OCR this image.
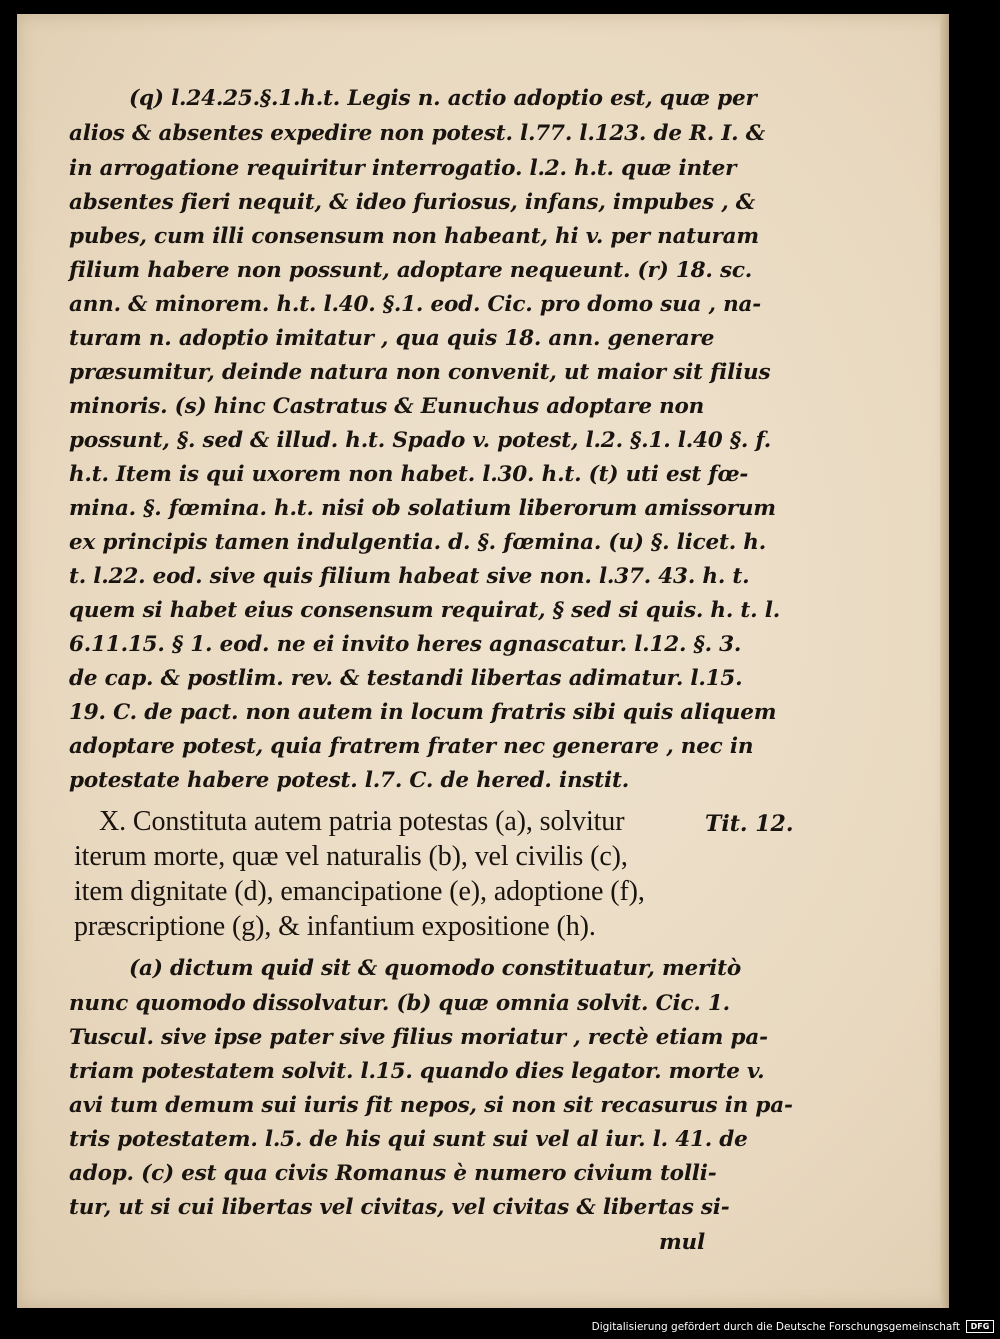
(q) l.24.25.§.1.h.t. Legis n. actio adoptio est, quæ per
alios & absentes expedire non potest. l.77. l.123. de R. I. &
in arrogatione requiritur interrogatio. l.2. h.t. quæ inter
absentes fieri nequit, & ideo furiosus, infans, impubes , &
pubes, cum illi consensum non habeant, hi v. per naturam
filium habere non possunt, adoptare nequeunt. (r) 18. sc.
ann. & minorem. h.t. l.40. §.1. eod. Cic. pro domo sua , na-
turam n. adoptio imitatur , qua quis 18. ann. generare
præsumitur, deinde natura non convenit, ut maior sit filius
minoris. (s) hinc Castratus & Eunuchus adoptare non
possunt, §. sed & illud. h.t. Spado v. potest, l.2. §.1. l.40 §. f.
h.t. Item is qui uxorem non habet. l.30. h.t. (t) uti est fœ-
mina. §. fœmina. h.t. nisi ob solatium liberorum amissorum
ex principis tamen indulgentia. d. §. fœmina. (u) §. licet. h.
t. l.22. eod. sive quis filium habeat sive non. l.37. 43. h. t.
quem si habet eius consensum requirat, § sed si quis. h. t. l.
6.11.15. § 1. eod. ne ei invito heres agnascatur. l.12. §. 3.
de cap. & postlim. rev. & testandi libertas adimatur. l.15.
19. C. de pact. non autem in locum fratris sibi quis aliquem
adoptare potest, quia fratrem frater nec generare , nec in
potestate habere potest. l.7. C. de hered. instit.
X. Constituta autem patria potestas (a), solvitur
iterum morte, quæ vel naturalis (b), vel civilis (c),
item dignitate (d), emancipatione (e), adoptione (f),
præscriptione (g), & infantium expositione (h).
Tit. 12.
(a) dictum quid sit & quomodo constituatur, meritò
nunc quomodo dissolvatur. (b) quæ omnia solvit. Cic. 1.
Tuscul. sive ipse pater sive filius moriatur , rectè etiam pa-
triam potestatem solvit. l.15. quando dies legator. morte v.
avi tum demum sui iuris fit nepos, si non sit recasurus in pa-
tris potestatem. l.5. de his qui sunt sui vel al iur. l. 41. de
adop. (c) est qua civis Romanus è numero civium tolli-
tur, ut si cui libertas vel civitas, vel civitas & libertas si-
mul
Digitalisierung gefördert durch die Deutsche Forschungsgemeinschaft	DFG
